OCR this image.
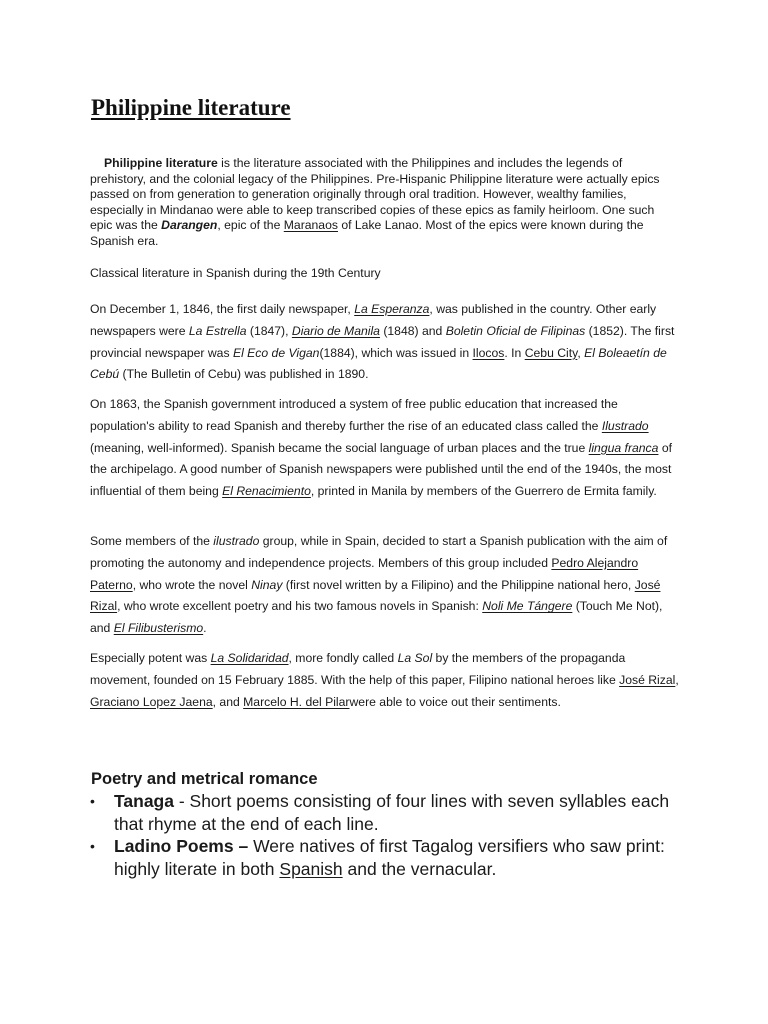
Philippine literature

Philippine literature is the literature associated with the Philippines and includes the legends of prehistory, and the colonial legacy of the Philippines. Pre-Hispanic Philippine literature were actually epics passed on from generation to generation originally through oral tradition. However, wealthy families, especially in Mindanao were able to keep transcribed copies of these epics as family heirloom. One such epic was the Darangen, epic of the Maranaos of Lake Lanao. Most of the epics were known during the Spanish era.

Classical literature in Spanish during the 19th Century

On December 1, 1846, the first daily newspaper, La Esperanza, was published in the country. Other early newspapers were La Estrella (1847), Diario de Manila (1848) and Boletin Oficial de Filipinas (1852). The first provincial newspaper was El Eco de Vigan(1884), which was issued in Ilocos. In Cebu City, El Boleaetín de Cebú (The Bulletin of Cebu) was published in 1890.

On 1863, the Spanish government introduced a system of free public education that increased the population's ability to read Spanish and thereby further the rise of an educated class called the Ilustrado (meaning, well-informed). Spanish became the social language of urban places and the true lingua franca of the archipelago. A good number of Spanish newspapers were published until the end of the 1940s, the most influential of them being El Renacimiento, printed in Manila by members of the Guerrero de Ermita family.

Some members of the ilustrado group, while in Spain, decided to start a Spanish publication with the aim of promoting the autonomy and independence projects. Members of this group included Pedro Alejandro Paterno, who wrote the novel Ninay (first novel written by a Filipino) and the Philippine national hero, José Rizal, who wrote excellent poetry and his two famous novels in Spanish: Noli Me Tángere (Touch Me Not), and El Filibusterismo.

Especially potent was La Solidaridad, more fondly called La Sol by the members of the propaganda movement, founded on 15 February 1885. With the help of this paper, Filipino national heroes like José Rizal, Graciano Lopez Jaena, and Marcelo H. del Pilarwere able to voice out their sentiments.

Poetry and metrical romance
• Tanaga - Short poems consisting of four lines with seven syllables each that rhyme at the end of each line.
• Ladino Poems – Were natives of first Tagalog versifiers who saw print: highly literate in both Spanish and the vernacular.
